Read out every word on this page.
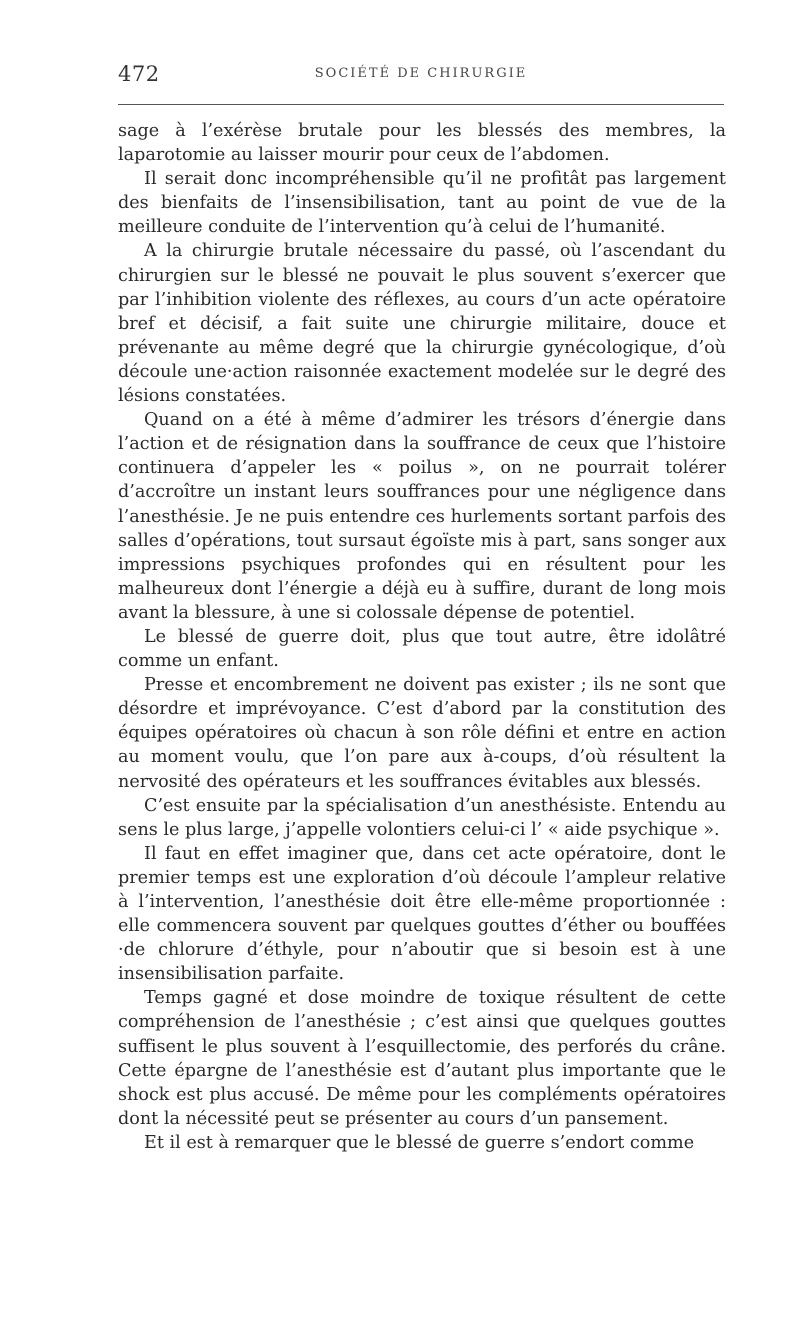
472	SOCIÉTÉ DE CHIRURGIE

sage à l’exérèse brutale pour les blessés des membres, la laparotomie au laisser mourir pour ceux de l’abdomen.

Il serait donc incompréhensible qu’il ne profitât pas largement des bienfaits de l’insensibilisation, tant au point de vue de la meilleure conduite de l’intervention qu’à celui de l’humanité.

A la chirurgie brutale nécessaire du passé, où l’ascendant du chirurgien sur le blessé ne pouvait le plus souvent s’exercer que par l’inhibition violente des réflexes, au cours d’un acte opératoire bref et décisif, a fait suite une chirurgie militaire, douce et prévenante au même degré que la chirurgie gynécologique, d’où découle une·action raisonnée exactement modelée sur le degré des lésions constatées.

Quand on a été à même d’admirer les trésors d’énergie dans l’action et de résignation dans la souffrance de ceux que l’histoire continuera d’appeler les « poilus », on ne pourrait tolérer d’accroître un instant leurs souffrances pour une négligence dans l’anesthésie. Je ne puis entendre ces hurlements sortant parfois des salles d’opérations, tout sursaut égoïste mis à part, sans songer aux impressions psychiques profondes qui en résultent pour les malheureux dont l’énergie a déjà eu à suffire, durant de long mois avant la blessure, à une si colossale dépense de potentiel.

Le blessé de guerre doit, plus que tout autre, être idolâtré comme un enfant.

Presse et encombrement ne doivent pas exister ; ils ne sont que désordre et imprévoyance. C’est d’abord par la constitution des équipes opératoires où chacun à son rôle défini et entre en action au moment voulu, que l’on pare aux à-coups, d’où résultent la nervosité des opérateurs et les souffrances évitables aux blessés.

C’est ensuite par la spécialisation d’un anesthésiste. Entendu au sens le plus large, j’appelle volontiers celui-ci l’ « aide psychique ».

Il faut en effet imaginer que, dans cet acte opératoire, dont le premier temps est une exploration d’où découle l’ampleur relative à l’intervention, l’anesthésie doit être elle-même proportionnée : elle commencera souvent par quelques gouttes d’éther ou bouffées ·de chlorure d’éthyle, pour n’aboutir que si besoin est à une insensibilisation parfaite.

Temps gagné et dose moindre de toxique résultent de cette compréhension de l’anesthésie ; c’est ainsi que quelques gouttes suffisent le plus souvent à l’esquillectomie, des perforés du crâne. Cette épargne de l’anesthésie est d’autant plus importante que le shock est plus accusé. De même pour les compléments opératoires dont la nécessité peut se présenter au cours d’un pansement.

Et il est à remarquer que le blessé de guerre s’endort comme
